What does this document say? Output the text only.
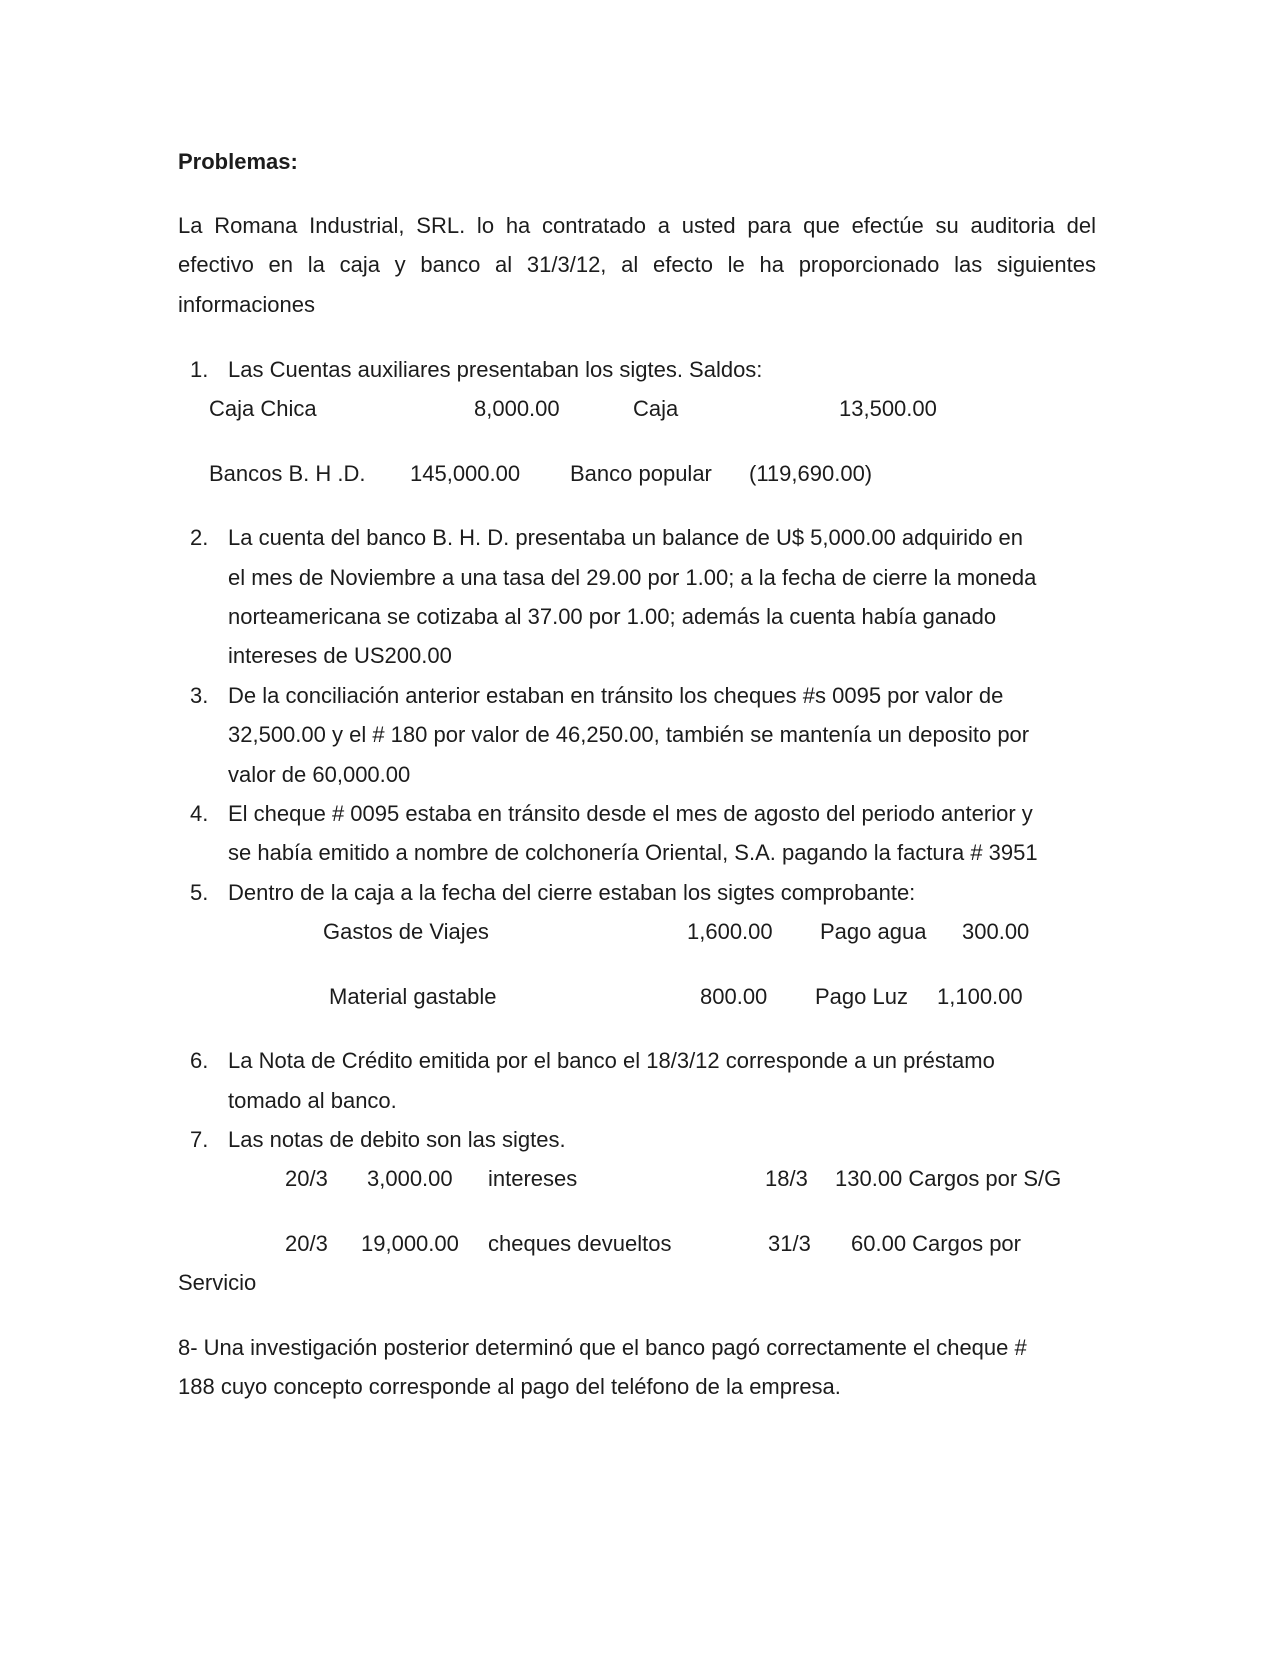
Problemas:
La Romana Industrial, SRL. lo ha contratado a usted para que efectúe su auditoria del
efectivo en la caja y banco al 31/3/12, al efecto le ha proporcionado las siguientes
informaciones
1. Las Cuentas auxiliares presentaban los sigtes. Saldos:
Caja Chica	8,000.00	Caja	13,500.00
Bancos B. H .D. 145,000.00 Banco popular (119,690.00)
2. La cuenta del banco B. H. D. presentaba un balance de U$ 5,000.00 adquirido en
el mes de Noviembre a una tasa del 29.00 por 1.00; a la fecha de cierre la moneda
norteamericana se cotizaba al 37.00 por 1.00; además la cuenta había ganado
intereses de US200.00
3. De la conciliación anterior estaban en tránsito los cheques #s 0095 por valor de
32,500.00 y el # 180 por valor de 46,250.00, también se mantenía un deposito por
valor de 60,000.00
4. El cheque # 0095 estaba en tránsito desde el mes de agosto del periodo anterior y
se había emitido a nombre de colchonería Oriental, S.A. pagando la factura # 3951
5. Dentro de la caja a la fecha del cierre estaban los sigtes comprobante:
Gastos de Viajes	1,600.00 Pago agua 300.00
Material gastable	800.00 Pago Luz 1,100.00
6. La Nota de Crédito emitida por el banco el 18/3/12 corresponde a un préstamo
tomado al banco.
7. Las notas de debito son las sigtes.
20/3 3,000.00 intereses	18/3 130.00 Cargos por S/G
20/3 19,000.00 cheques devueltos	31/3 60.00 Cargos por
Servicio
8- Una investigación posterior determinó que el banco pagó correctamente el cheque #
188 cuyo concepto corresponde al pago del teléfono de la empresa.
